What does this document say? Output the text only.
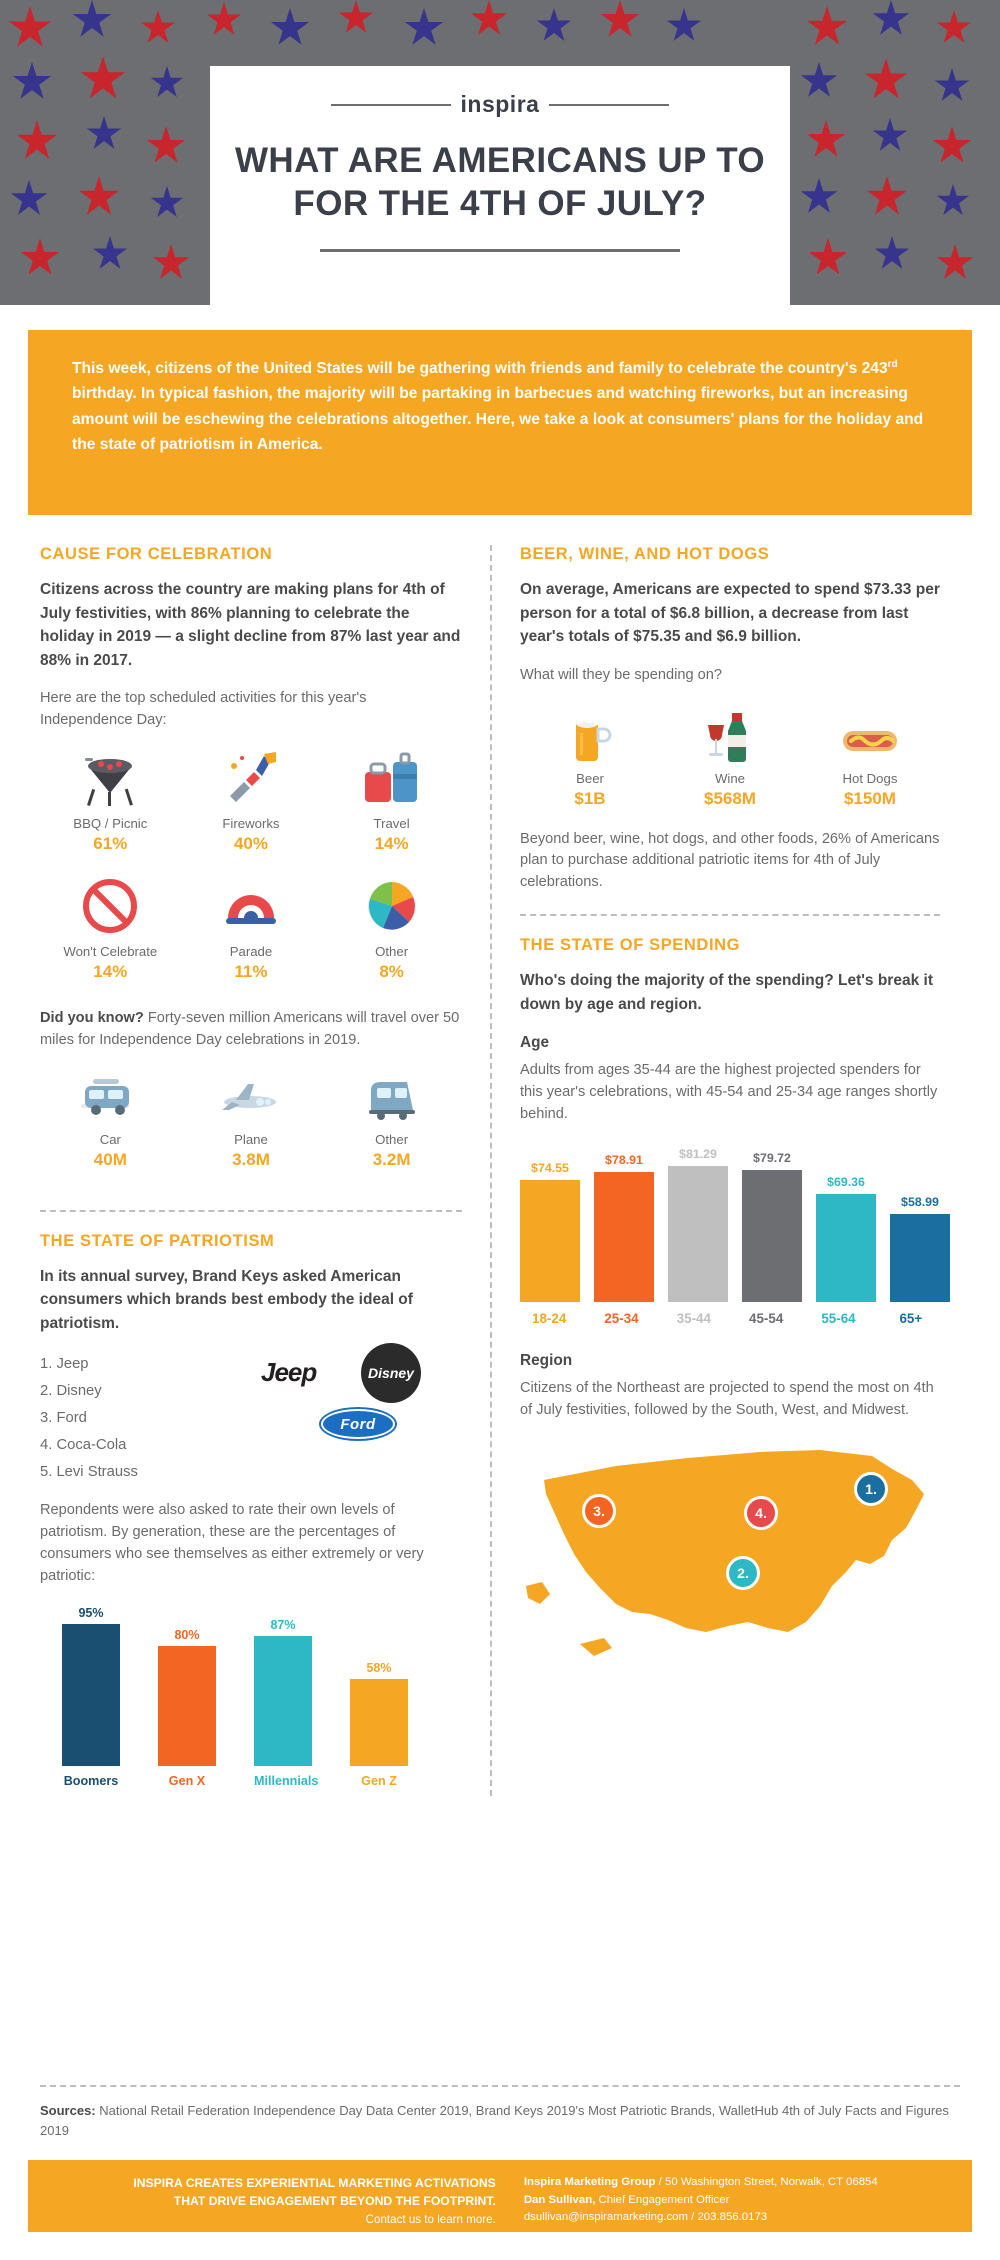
inspira
WHAT ARE AMERICANS UP TO FOR THE 4TH OF JULY?
This week, citizens of the United States will be gathering with friends and family to celebrate the country's 243rd birthday. In typical fashion, the majority will be partaking in barbecues and watching fireworks, but an increasing amount will be eschewing the celebrations altogether. Here, we take a look at consumers' plans for the holiday and the state of patriotism in America.
CAUSE FOR CELEBRATION

Citizens across the country are making plans for 4th of July festivities, with 86% planning to celebrate the holiday in 2019 — a slight decline from 87% last year and 88% in 2017.

Here are the top scheduled activities for this year's Independence Day:

BBQ / Picnic
61%
Fireworks
40%
Travel
14%
Won't Celebrate
14%
Parade
11%
Other
8%

Did you know? Forty-seven million Americans will travel over 50 miles for Independence Day celebrations in 2019.

Car
40M
Plane
3.8M
Other
3.2M
THE STATE OF PATRIOTISM

In its annual survey, Brand Keys asked American consumers which brands best embody the ideal of patriotism.

1. Jeep
2. Disney
3. Ford
4. Coca-Cola
5. Levi Strauss
Jeep	Disney
Ford

Repondents were also asked to rate their own levels of patriotism. By generation, these are the percentages of consumers who see themselves as either extremely or very patriotic:

95%
80%
87%
58%
Boomers	Gen X	Millennials	Gen Z
BEER, WINE, AND HOT DOGS

On average, Americans are expected to spend $73.33 per person for a total of $6.8 billion, a decrease from last year's totals of $75.35 and $6.9 billion.

What will they be spending on?

Beer
$1B
Wine
$568M
Hot Dogs
$150M

Beyond beer, wine, hot dogs, and other foods, 26% of Americans plan to purchase additional patriotic items for 4th of July celebrations.

THE STATE OF SPENDING

Who's doing the majority of the spending? Let's break it down by age and region.

Age

Adults from ages 35-44 are the highest projected spenders for this year's celebrations, with 45-54 and 25-34 age ranges shortly behind.

$74.55
$78.91	$81.29	$79.72
$69.36
$58.99
18-24	25-34	35-44	45-54	55-64	65+
Region

Citizens of the Northeast are projected to spend the most on 4th of July festivities, followed by the South, West, and Midwest.

1.
2.
3.	4.
Sources: National Retail Federation Independence Day Data Center 2019, Brand Keys 2019's Most Patriotic Brands, WalletHub 4th of July Facts and Figures 2019
INSPIRA CREATES EXPERIENTIAL MARKETING ACTIVATIONS
THAT DRIVE ENGAGEMENT BEYOND THE FOOTPRINT.
Contact us to learn more.
Inspira Marketing Group / 50 Washington Street, Norwalk, CT 06854
Dan Sullivan, Chief Engagement Officer
dsullivan@inspiramarketing.com / 203.856.0173
